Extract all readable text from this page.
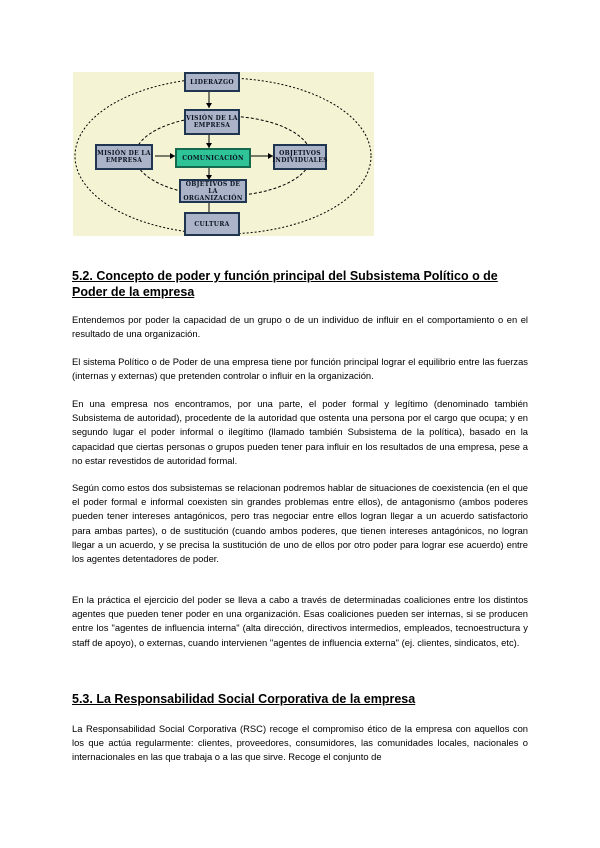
LIDERAZGO
VISIÓN DE LA EMPRESA
MISIÓN DE LA EMPRESA	COMUNICACIÓN
OBJETIVOS INDIVIDUALES
OBJETIVOS DE LA ORGANIZACIÓN
CULTURA
5.2. Concepto de poder y función principal del Subsistema Político o de Poder de la empresa

Entendemos por poder la capacidad de un grupo o de un individuo de influir en el comportamiento o en el resultado de una organización.

El sistema Político o de Poder de una empresa tiene por función principal lograr el equilibrio entre las fuerzas (internas y externas) que pretenden controlar o influir en la organización.

En una empresa nos encontramos, por una parte, el poder formal y legítimo (denominado también Subsistema de autoridad), procedente de la autoridad que ostenta una persona por el cargo que ocupa; y en segundo lugar el poder informal o ilegítimo (llamado también Subsistema de la política), basado en la capacidad que ciertas personas o grupos pueden tener para influir en los resultados de una empresa, pese a no estar revestidos de autoridad formal.

Según como estos dos subsistemas se relacionan podremos hablar de situaciones de coexistencia (en el que el poder formal e informal coexisten sin grandes problemas entre ellos), de antagonismo (ambos poderes pueden tener intereses antagónicos, pero tras negociar entre ellos logran llegar a un acuerdo satisfactorio para ambas partes), o de sustitución (cuando ambos poderes, que tienen intereses antagónicos, no logran llegar a un acuerdo, y se precisa la sustitución de uno de ellos por otro poder para lograr ese acuerdo) entre los agentes detentadores de poder.

En la práctica el ejercicio del poder se lleva a cabo a través de determinadas coaliciones entre los distintos agentes que pueden tener poder en una organización. Esas coaliciones pueden ser internas, si se producen entre los "agentes de influencia interna" (alta dirección, directivos intermedios, empleados, tecnoestructura y staff de apoyo), o externas, cuando intervienen "agentes de influencia externa" (ej. clientes, sindicatos, etc).

5.3. La Responsabilidad Social Corporativa de la empresa

La Responsabilidad Social Corporativa (RSC) recoge el compromiso ético de la empresa con aquellos con los que actúa regularmente: clientes, proveedores, consumidores, las comunidades locales, nacionales o internacionales en las que trabaja o a las que sirve. Recoge el conjunto de
